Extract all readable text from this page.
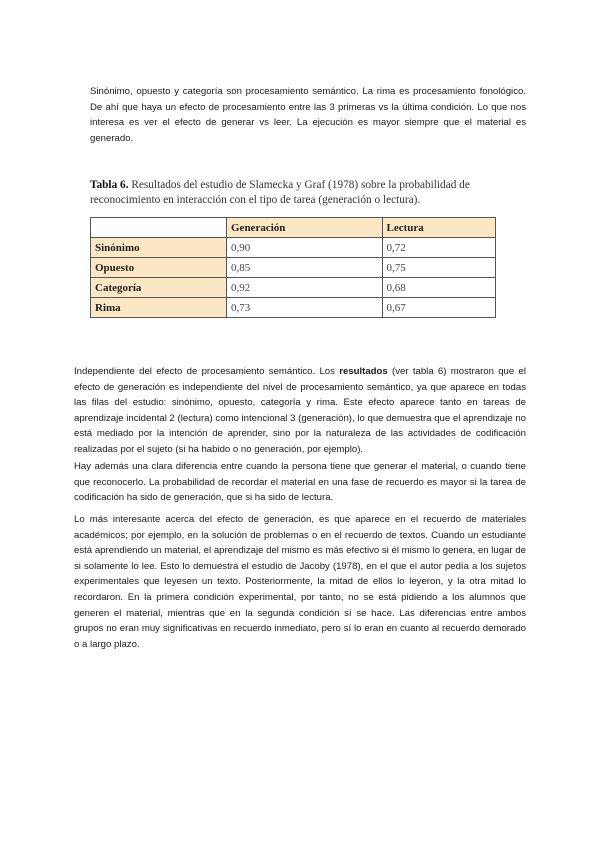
Sinónimo, opuesto y categoría son procesamiento semántico. La rima es procesamiento fonológico. De ahí que haya un efecto de procesamiento entre las 3 primeras vs la última condición. Lo que nos interesa es ver el efecto de generar vs leer. La ejecución es mayor siempre que el material es generado.

Tabla 6. Resultados del estudio de Slamecka y Graf (1978) sobre la probabilidad de reconocimiento en interacción con el tipo de tarea (generación o lectura).

	Generación	Lectura
Sinónimo	0,90	0,72
Opuesto	0,85	0,75
Categoría	0,92	0,68
Rima	0,73	0,67

Independiente del efecto de procesamiento semántico. Los resultados (ver tabla 6) mostraron que el efecto de generación es independiente del nivel de procesamiento semántico, ya que aparece en todas las filas del estudio: sinónimo, opuesto, categoría y rima. Este efecto aparece tanto en tareas de aprendizaje incidental 2 (lectura) como intencional 3 (generación), lo que demuestra que el aprendizaje no está mediado por la intención de aprender, sino por la naturaleza de las actividades de codificación realizadas por el sujeto (si ha habido o no generación, por ejemplo).

Hay además una clara diferencia entre cuando la persona tiene que generar el material, o cuando tiene que reconocerlo. La probabilidad de recordar el material en una fase de recuerdo es mayor si la tarea de codificación ha sido de generación, que si ha sido de lectura.

Lo más interesante acerca del efecto de generación, es que aparece en el recuerdo de materiales académicos; por ejemplo, en la solución de problemas o en el recuerdo de textos. Cuando un estudiante está aprendiendo un material, el aprendizaje del mismo es más efectivo si él mismo lo genera, en lugar de si solamente lo lee. Esto lo demuestra el estudio de Jacoby (1978), en el que el autor pedía a los sujetos experimentales que leyesen un texto. Posteriormente, la mitad de ellos lo leyeron, y la otra mitad lo recordaron. En la primera condición experimental, por tanto, no se está pidiendo a los alumnos que generen el material, mientras que en la segunda condición sí se hace. Las diferencias entre ambos grupos no eran muy significativas en recuerdo inmediato, pero sí lo eran en cuanto al recuerdo demorado o a largo plazo.
